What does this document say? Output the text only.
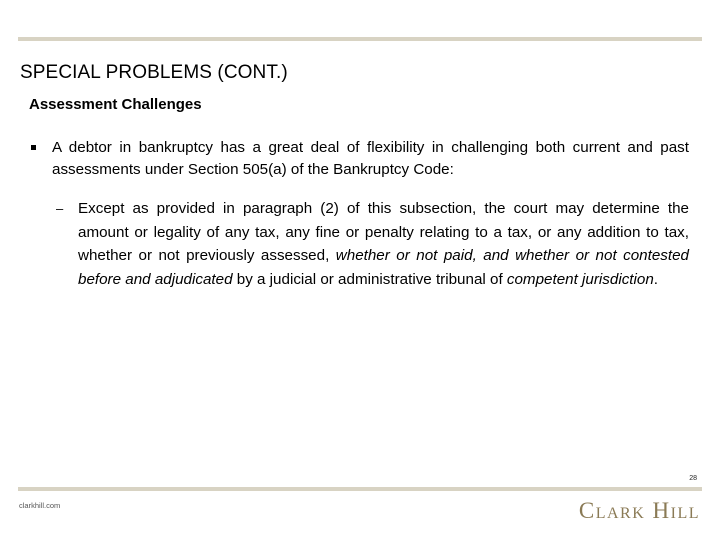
SPECIAL PROBLEMS (CONT.)
Assessment Challenges
A debtor in bankruptcy has a great deal of flexibility in challenging both current and past assessments under Section 505(a) of the Bankruptcy Code:
– Except as provided in paragraph (2) of this subsection, the court may determine the amount or legality of any tax, any fine or penalty relating to a tax, or any addition to tax, whether or not previously assessed, whether or not paid, and whether or not contested before and adjudicated by a judicial or administrative tribunal of competent jurisdiction.
28
clarkhill.com	Clark Hill
